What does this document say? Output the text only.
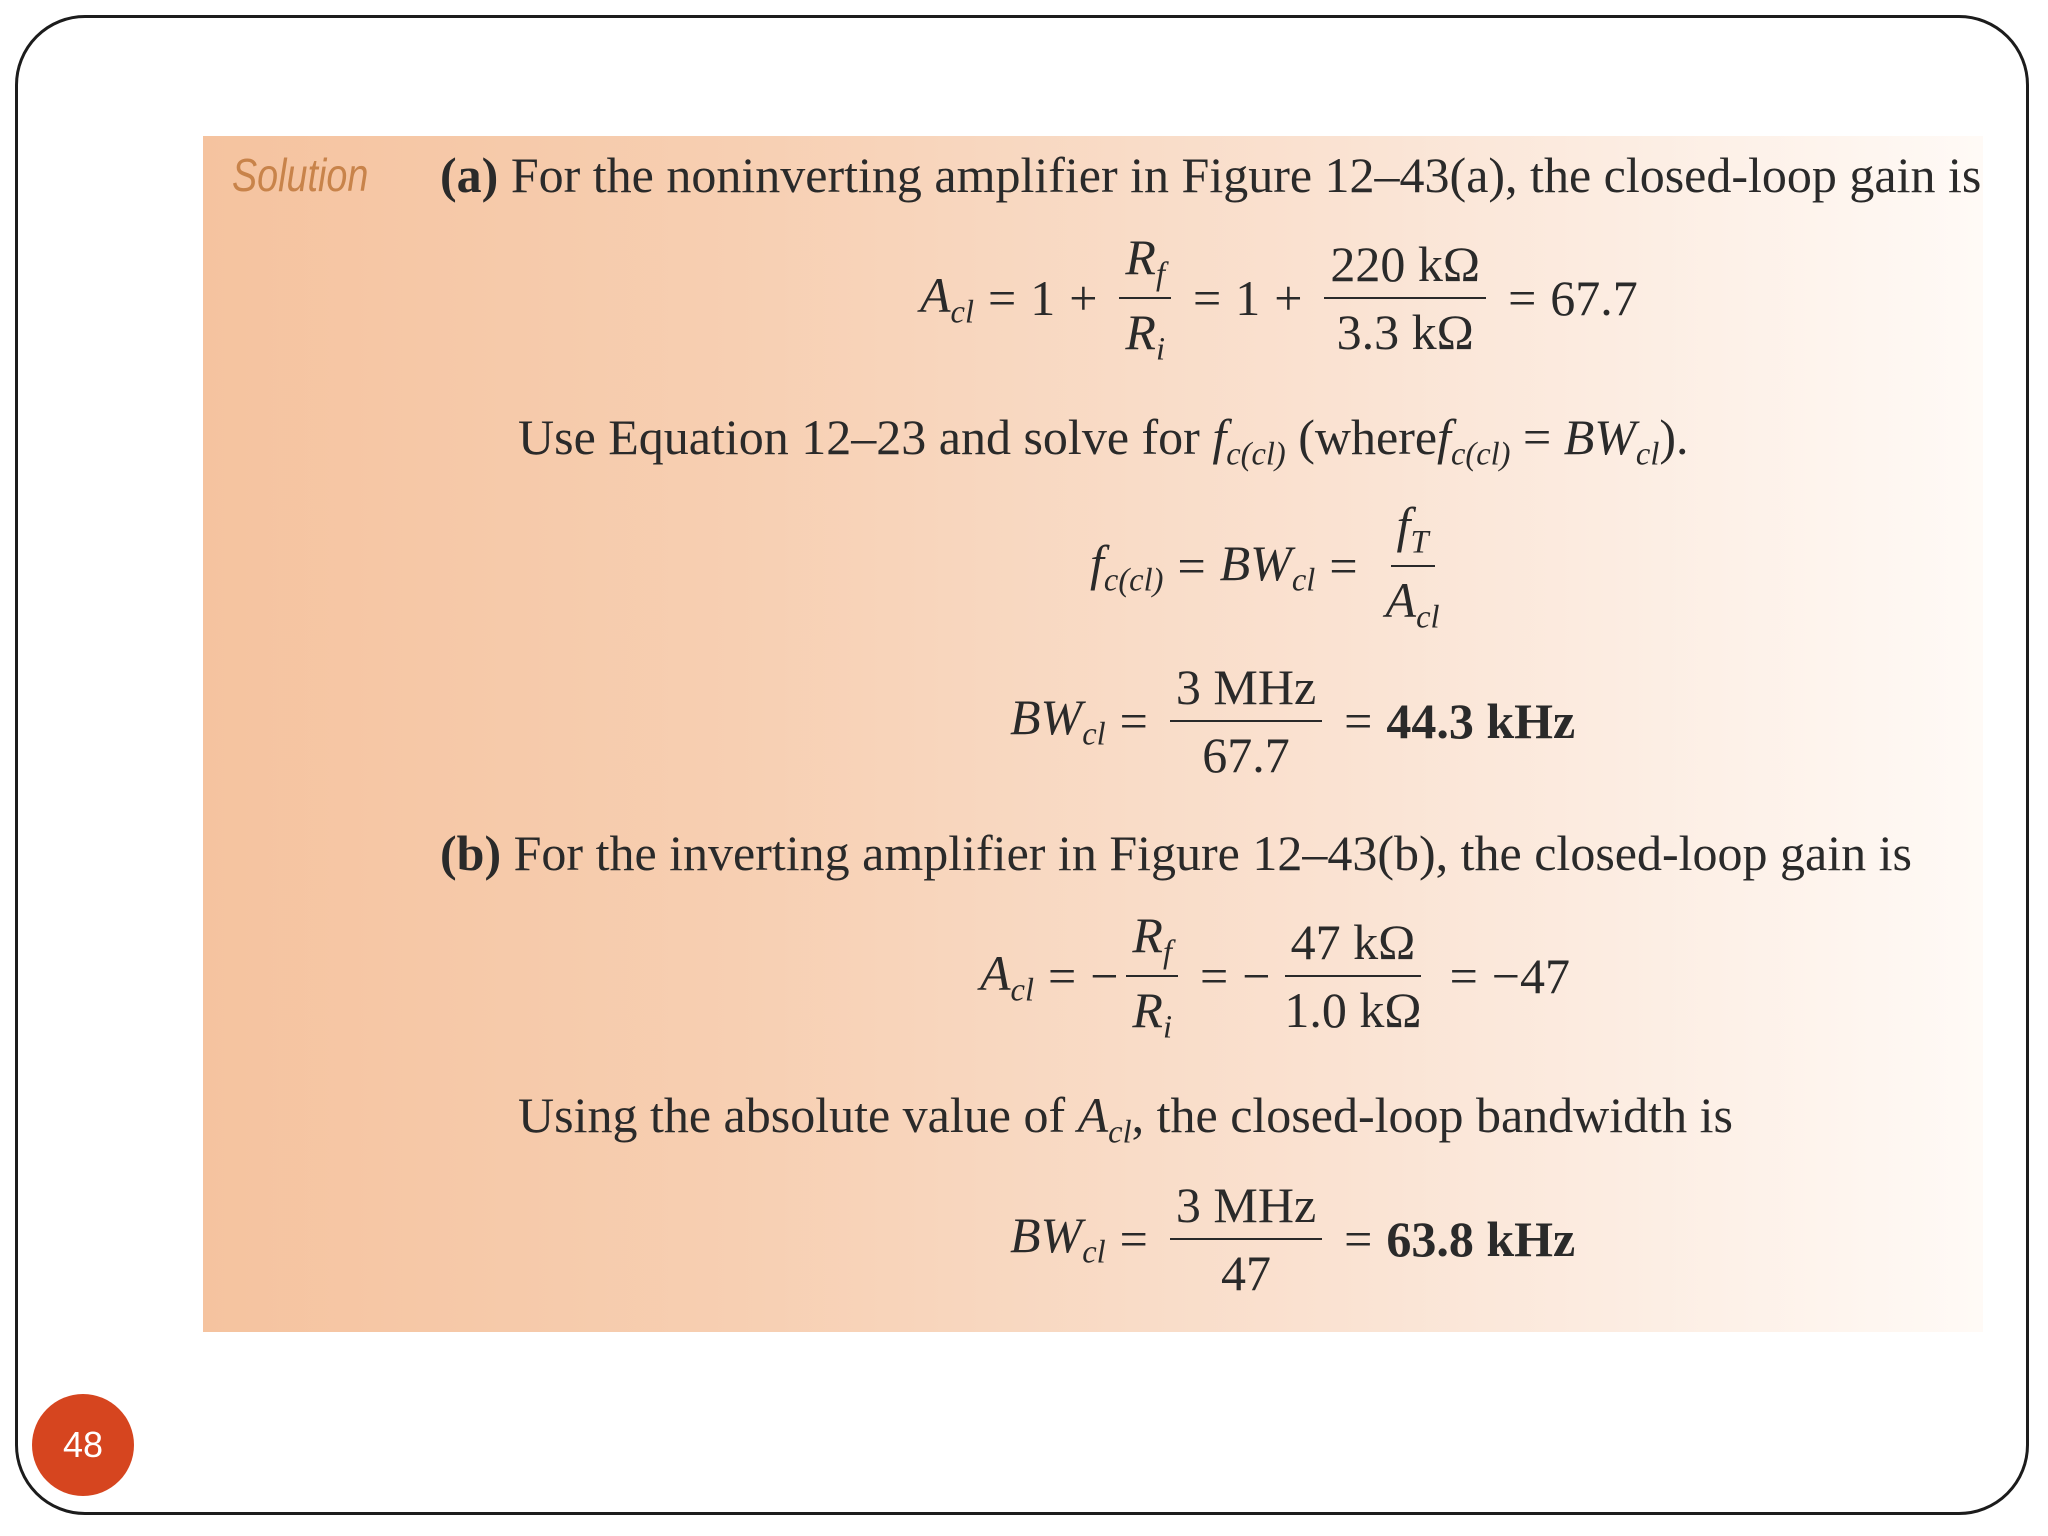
Solution (a) For the noninverting amplifier in Figure 12–43(a), the closed-loop gain is
$A_{cl} = 1 + \frac{R_f}{R_i} = 1 + \frac{220 k\Omega}{3.3 k\Omega} = 67.7$
Use Equation 12–23 and solve for $f_{c(cl)}$ (wheref$_{c(cl)}$ = $BW_{cl}$).
$f_{c(cl)} = BW_{cl} = \frac{f_T}{A_{cl}}$
$BW_{cl} = \frac{\text{3 MHz}}{67.7} = 44.3$ kHz
(b) For the inverting amplifier in Figure 12–43(b), the closed-loop gain is
$A_{cl}$ = − $\frac{R_f}{R_i}$ = − $\frac{47 k\Omega}{1.0 k\Omega} = -47$
Using the absolute value of $A_{cl}$, the closed-loop bandwidth is
$BW_{cl} = \frac{\text{3 MHz}}{47} = 63.8$ kHz
48
